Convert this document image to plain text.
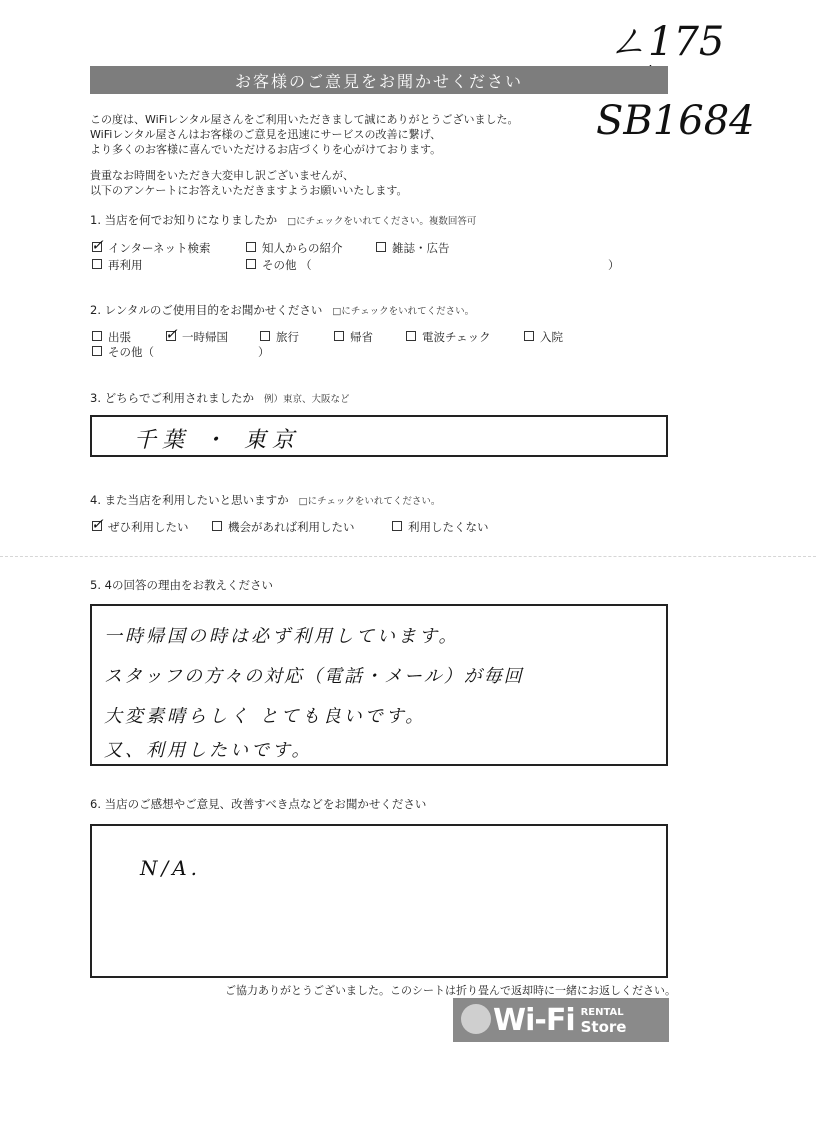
ㄥ175
SB1684
お客様のご意見をお聞かせください
この度は、WiFiレンタル屋さんをご利用いただきまして誠にありがとうございました。
WiFiレンタル屋さんはお客様のご意見を迅速にサービスの改善に繋げ、
より多くのお客様に喜んでいただけるお店づくりを心がけております。
貴重なお時間をいただき大変申し訳ございませんが、
以下のアンケートにお答えいただきますようお願いいたします。
1. 当店を何でお知りになりましたか □にチェックをいれてください。複数回答可
✓ インターネット検索	知人からの紹介	雑誌・広告
再利用	その他 （	）
2. レンタルのご使用目的をお聞かせください □にチェックをいれてください。
出張 ✓ 一時帰国	旅行	帰省	電波チェック	入院
その他（	）
3. どちらでご利用されましたか 例）東京、大阪など
千葉 ・ 東京
4. また当店を利用したいと思いますか □にチェックをいれてください。
✓ ぜひ利用したい	機会があれば利用したい	利用したくない
5. 4の回答の理由をお教えください
一時帰国の時は必ず利用しています。
スタッフの方々の対応（電話・メール）が毎回
大変素晴らしく とても良いです。
又、利用したいです。
6. 当店のご感想やご意見、改善すべき点などをお聞かせください
N/A.
ご協力ありがとうございました。このシートは折り畳んで返却時に一緒にお返しください。
Wi-Fi RENTAL
Store
